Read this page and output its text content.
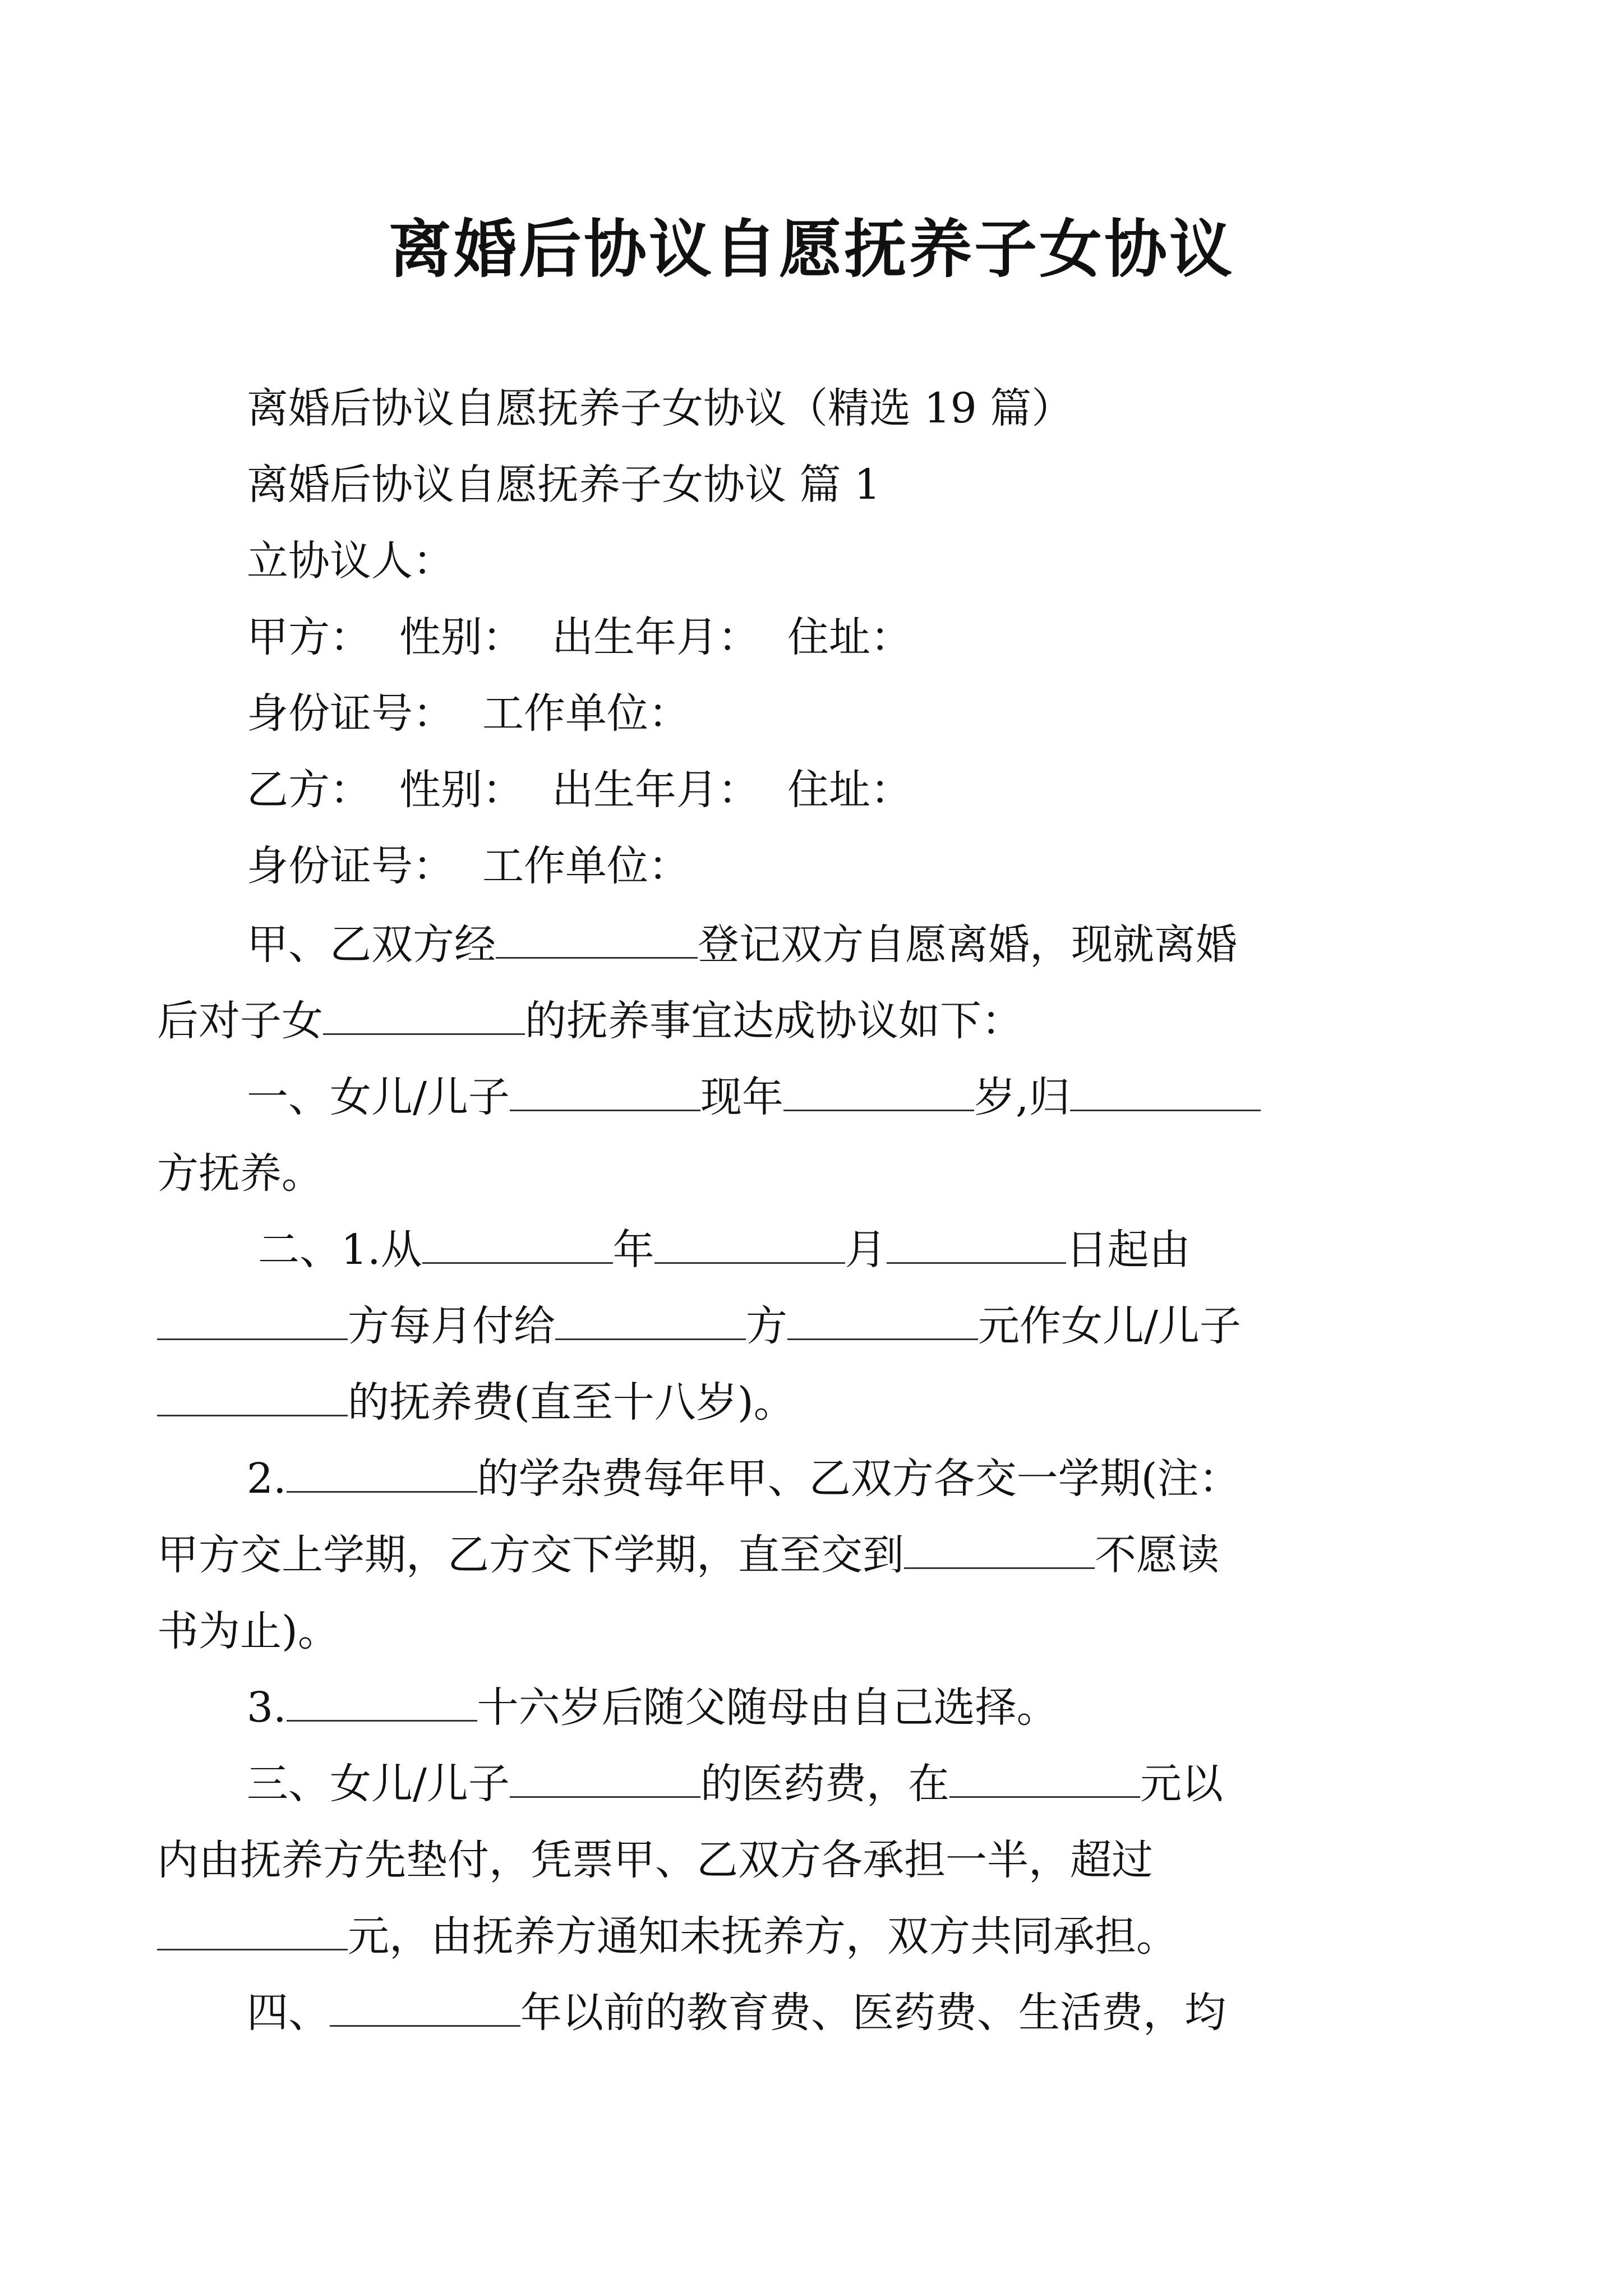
离婚后协议自愿抚养子女协议

离婚后协议自愿抚养子女协议（精选 19 篇）

离婚后协议自愿抚养子女协议 篇 1

立协议人：

甲方： 性别： 出生年月： 住址：

身份证号： 工作单位：

乙方： 性别： 出生年月： 住址：

身份证号： 工作单位：

甲、乙双方经	登记双方自愿离婚，现就离婚

后对子女	的抚养事宜达成协议如下：

一、女儿/儿子	现年	岁,归

方抚养。

二、1.从	年	月	日起由

方每月付给	方	元作女儿/儿子

的抚养费(直至十八岁)。

2.	的学杂费每年甲、乙双方各交一学期(注：

甲方交上学期，乙方交下学期，直至交到	不愿读

书为止)。

3.	十六岁后随父随母由自己选择。

三、女儿/儿子	的医药费，在	元以

内由抚养方先垫付，凭票甲、乙双方各承担一半，超过

元，由抚养方通知未抚养方，双方共同承担。

四、	年以前的教育费、医药费、生活费，均
